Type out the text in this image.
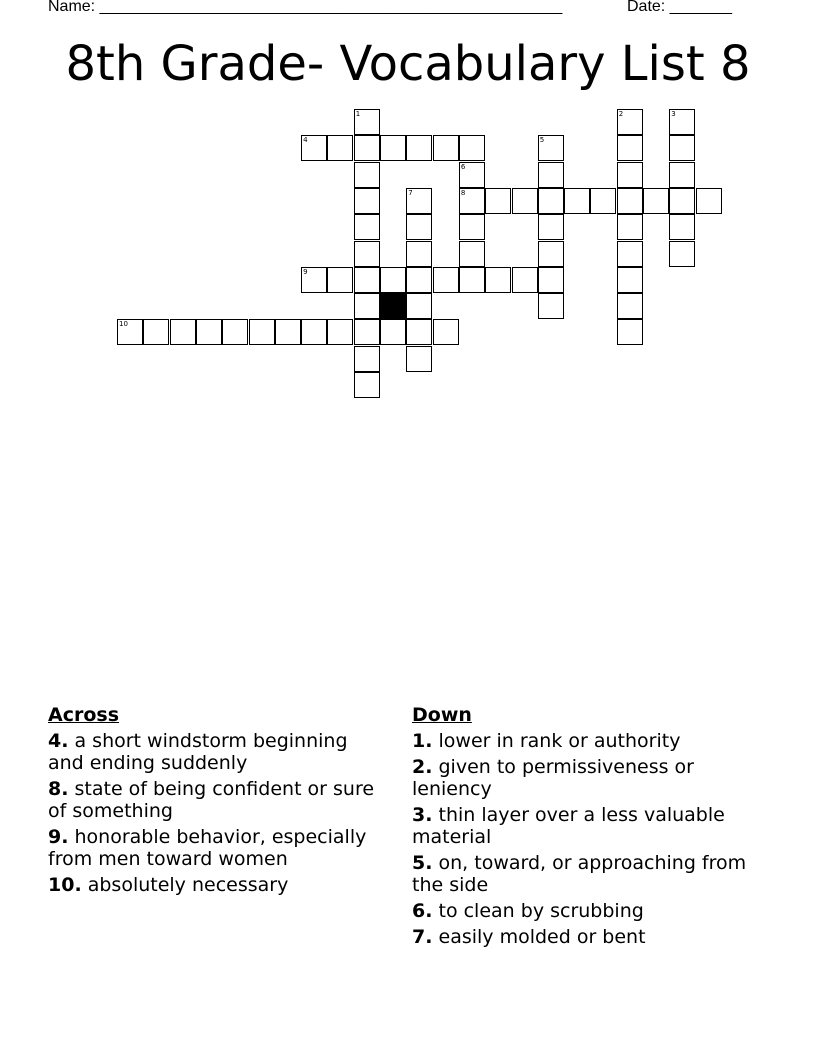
Name: ____________________________________________________	Date: _______
8th Grade- Vocabulary List 8
4
8
9
10
1	2	3
5
6
7
Across
4. a short windstorm beginning and ending suddenly
8. state of being confident or sure of something
9. honorable behavior, especially from men toward women
10. absolutely necessary
Down
1. lower in rank or authority
2. given to permissiveness or leniency
3. thin layer over a less valuable material
5. on, toward, or approaching from the side
6. to clean by scrubbing
7. easily molded or bent
